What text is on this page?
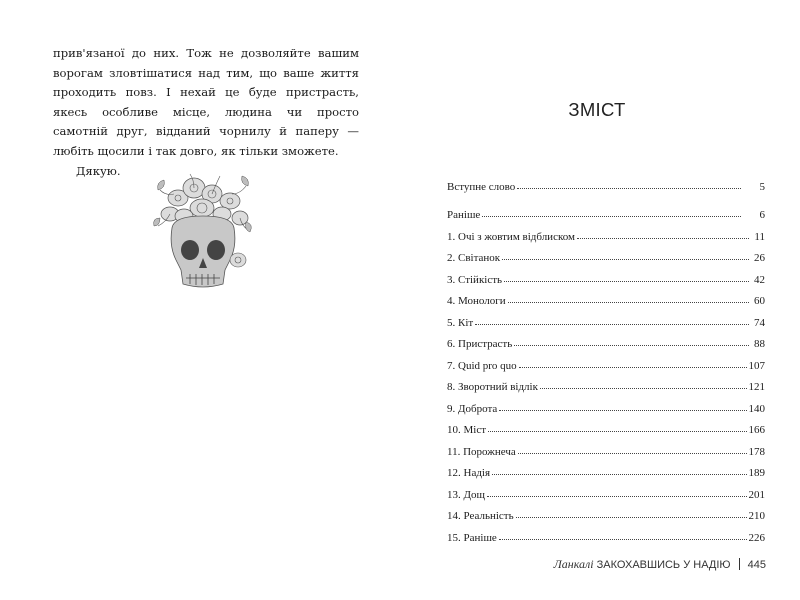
прив'язаної до них. Тож не дозволяйте вашим ворогам зловтішатися над тим, що ваше життя проходить повз. І нехай це буде пристрасть, якесь особливе місце, людина чи просто самотній друг, відданий чорнилу й паперу — любіть щосили і так довго, як тільки зможете.

Дякую.

ЗМІСТ
Вступне слово	5
Раніше	6
1. Очі з жовтим відблиском	11
2. Світанок	26
3. Стійкість	42
4. Монологи	60
5. Кіт	74
6. Пристрасть	88
7. Quid pro quo	107
8. Зворотний відлік	121
9. Доброта	140
10. Міст	166
11. Порожнеча	178
12. Надія	189
13. Дощ	201
14. Реальність	210
15. Раніше	226
Ланкалі ЗАКОХАВШИСЬ У НАДІЮ 445
